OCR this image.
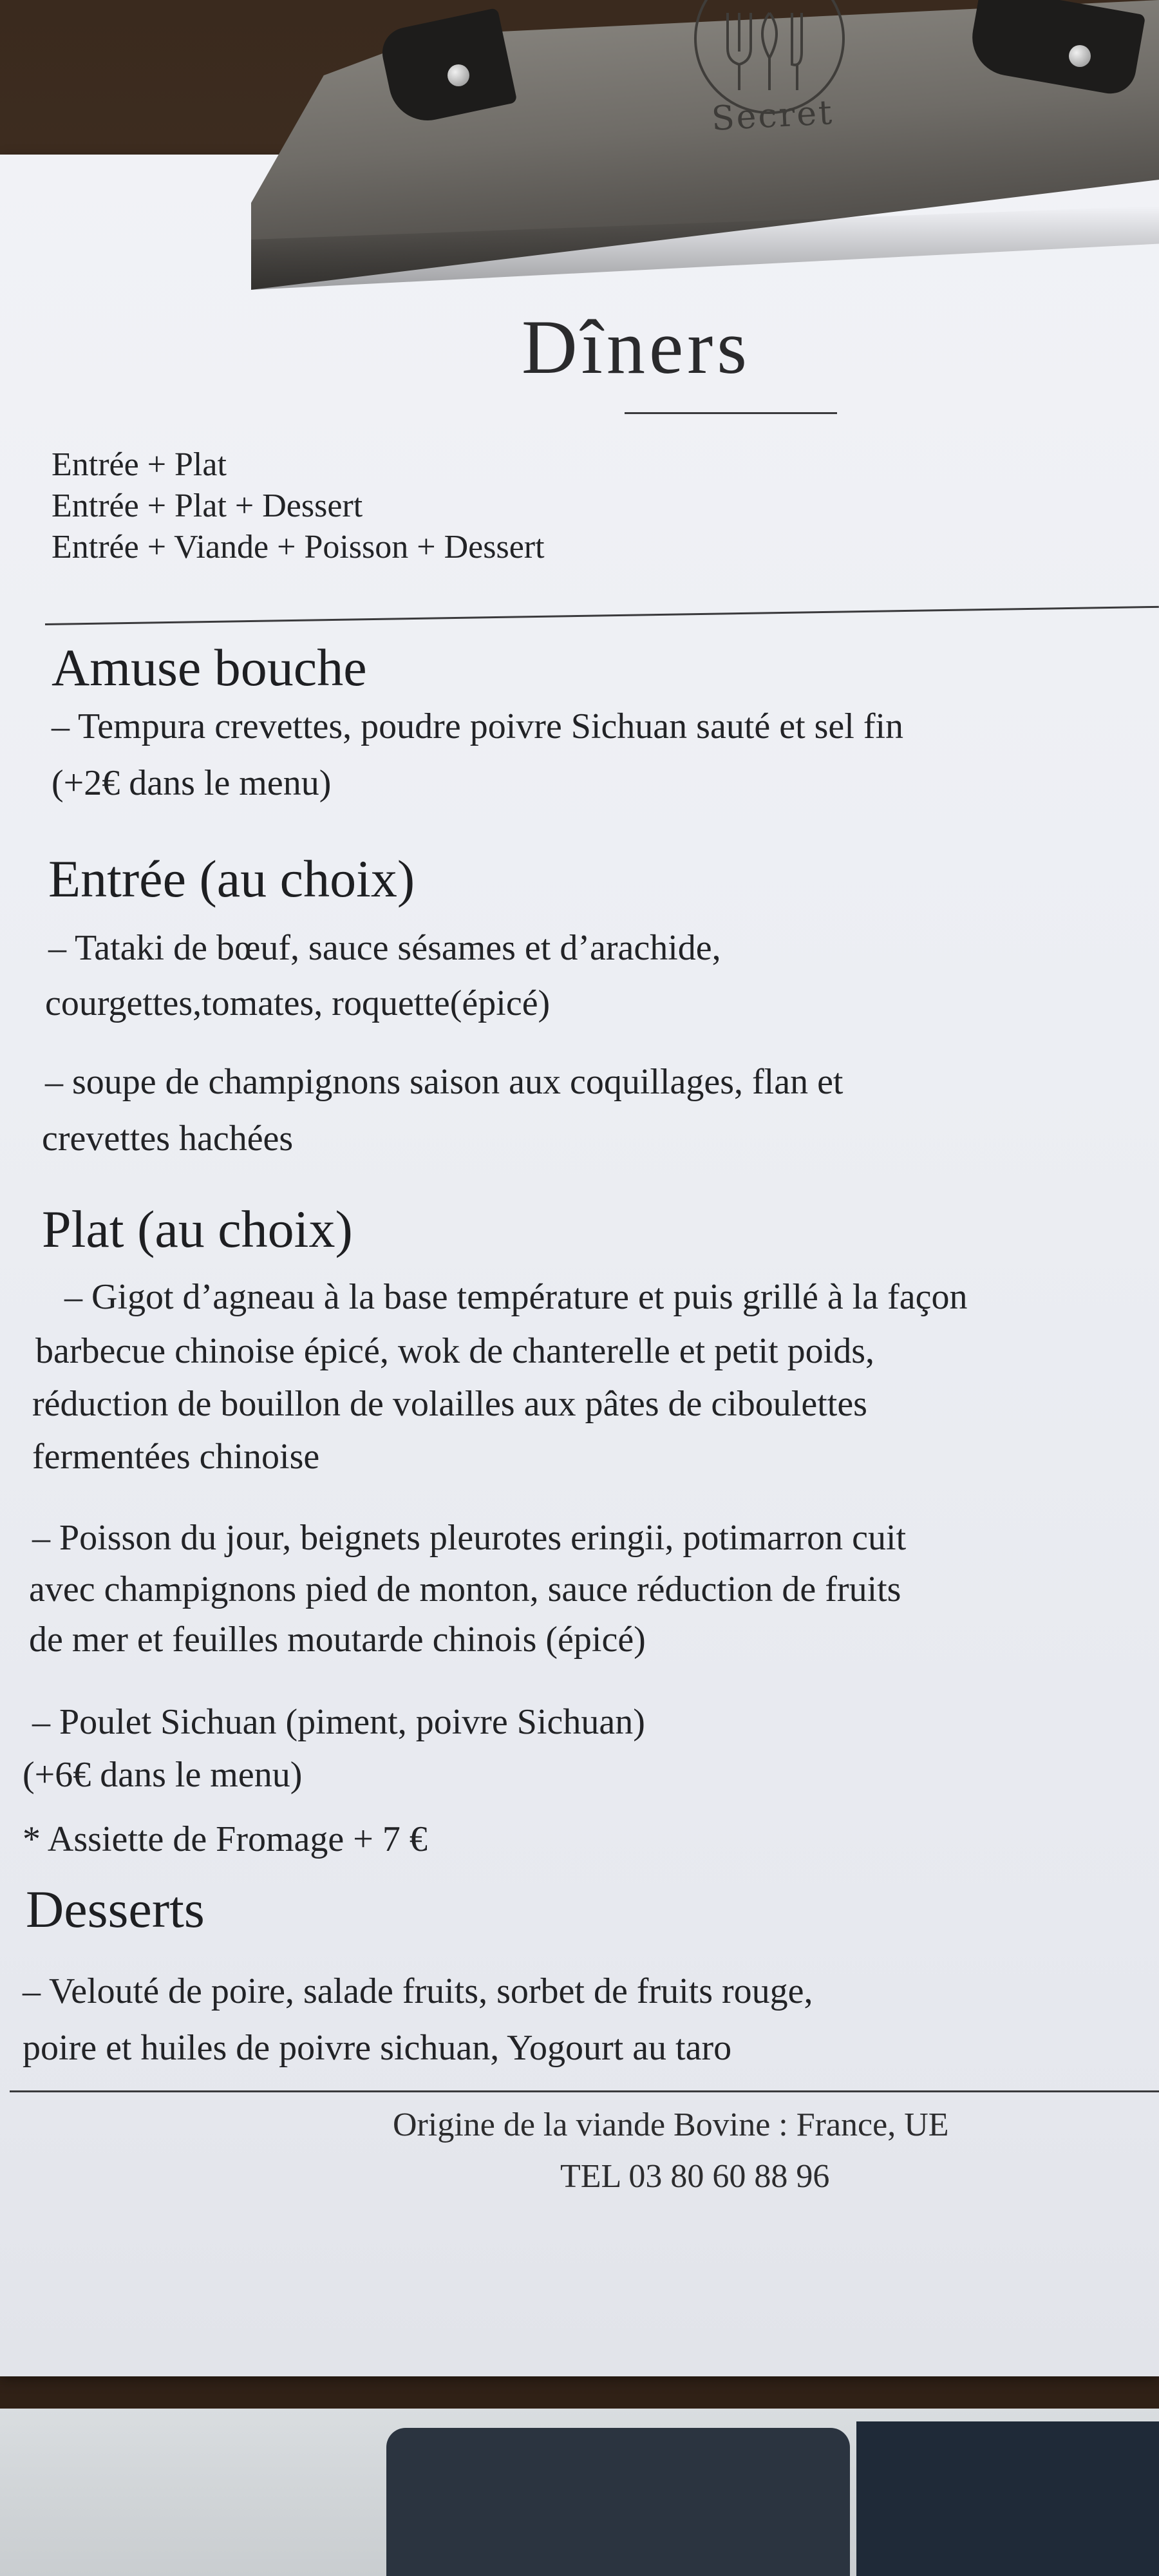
Secret
Dîners
Entrée + Plat
Entrée + Plat + Dessert
Entrée + Viande + Poisson + Dessert
Amuse bouche
– Tempura crevettes, poudre poivre Sichuan sauté et sel fin
(+2€ dans le menu)
Entrée (au choix)
– Tataki de bœuf, sauce sésames et d’arachide,
courgettes,tomates, roquette(épicé)
– soupe de champignons saison aux coquillages, flan et
crevettes hachées
Plat (au choix)
– Gigot d’agneau à la base température et puis grillé à la façon
barbecue chinoise épicé, wok de chanterelle et petit poids,
réduction de bouillon de volailles aux pâtes de ciboulettes
fermentées chinoise
– Poisson du jour, beignets pleurotes eringii, potimarron cuit
avec champignons pied de monton, sauce réduction de fruits
de mer et feuilles moutarde chinois (épicé)
– Poulet Sichuan (piment, poivre Sichuan)
(+6€ dans le menu)
* Assiette de Fromage + 7 €
Desserts
– Velouté de poire, salade fruits, sorbet de fruits rouge,
poire et huiles de poivre sichuan, Yogourt au taro
Origine de la viande Bovine : France, UE
TEL 03 80 60 88 96
